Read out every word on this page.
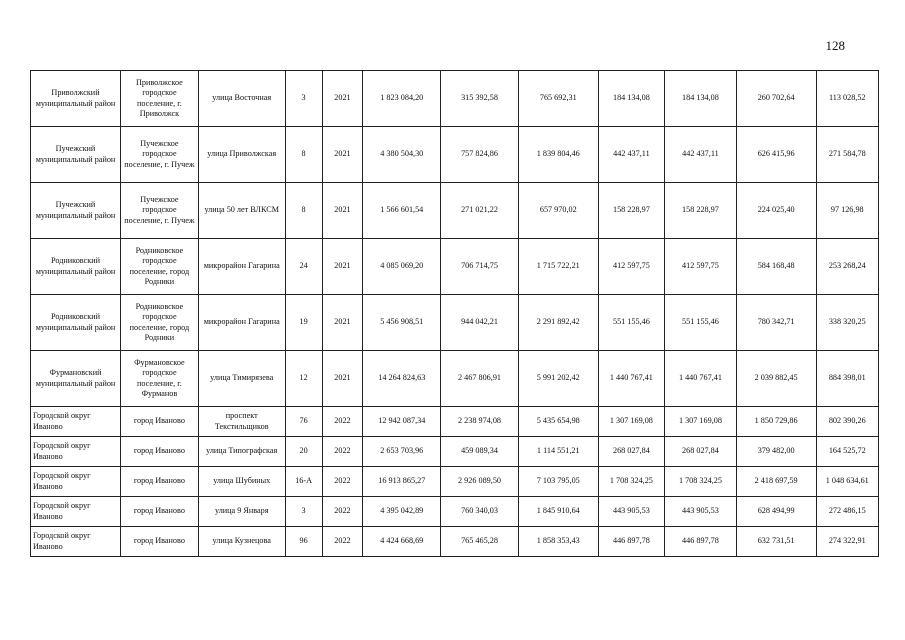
128
Приволжский муниципальный район	Приволжское городское поселение, г. Приволжск	улица Восточная	3	2021	1 823 084,20	315 392,58	765 692,31	184 134,08	184 134,08	260 702,64	113 028,52
Пучежский муниципальный район	Пучежское городское поселение, г. Пучеж	улица Приволжская	8	2021	4 380 504,30	757 824,86	1 839 804,46	442 437,11	442 437,11	626 415,96	271 584,78
Пучежский муниципальный район	Пучежское городское поселение, г. Пучеж	улица 50 лет ВЛКСМ	8	2021	1 566 601,54	271 021,22	657 970,02	158 228,97	158 228,97	224 025,40	97 126,98
Родниковский муниципальный район	Родниковское городское поселение, город Родники	микрорайон Гагарина	24	2021	4 085 069,20	706 714,75	1 715 722,21	412 597,75	412 597,75	584 168,48	253 268,24
Родниковский муниципальный район	Родниковское городское поселение, город Родники	микрорайон Гагарина	19	2021	5 456 908,51	944 042,21	2 291 892,42	551 155,46	551 155,46	780 342,71	338 320,25
Фурмановский муниципальный район	Фурмановское городское поселение, г. Фурманов	улица Тимирязева	12	2021	14 264 824,63	2 467 806,91	5 991 202,42	1 440 767,41	1 440 767,41	2 039 882,45	884 398,01
Городской округ Иваново	город Иваново	проспект Текстильщиков	76	2022	12 942 087,34	2 238 974,08	5 435 654,98	1 307 169,08	1 307 169,08	1 850 729,86	802 390,26
Городской округ Иваново	город Иваново	улица Типографская	20	2022	2 653 703,96	459 089,34	1 114 551,21	268 027,84	268 027,84	379 482,00	164 525,72
Городской округ Иваново	город Иваново	улица Шубиных	16-А	2022	16 913 865,27	2 926 089,50	7 103 795,05	1 708 324,25	1 708 324,25	2 418 697,59	1 048 634,61
Городской округ Иваново	город Иваново	улица 9 Января	3	2022	4 395 042,89	760 340,03	1 845 910,64	443 905,53	443 905,53	628 494,99	272 486,15
Городской округ Иваново	город Иваново	улица Кузнецова	96	2022	4 424 668,69	765 465,28	1 858 353,43	446 897,78	446 897,78	632 731,51	274 322,91
